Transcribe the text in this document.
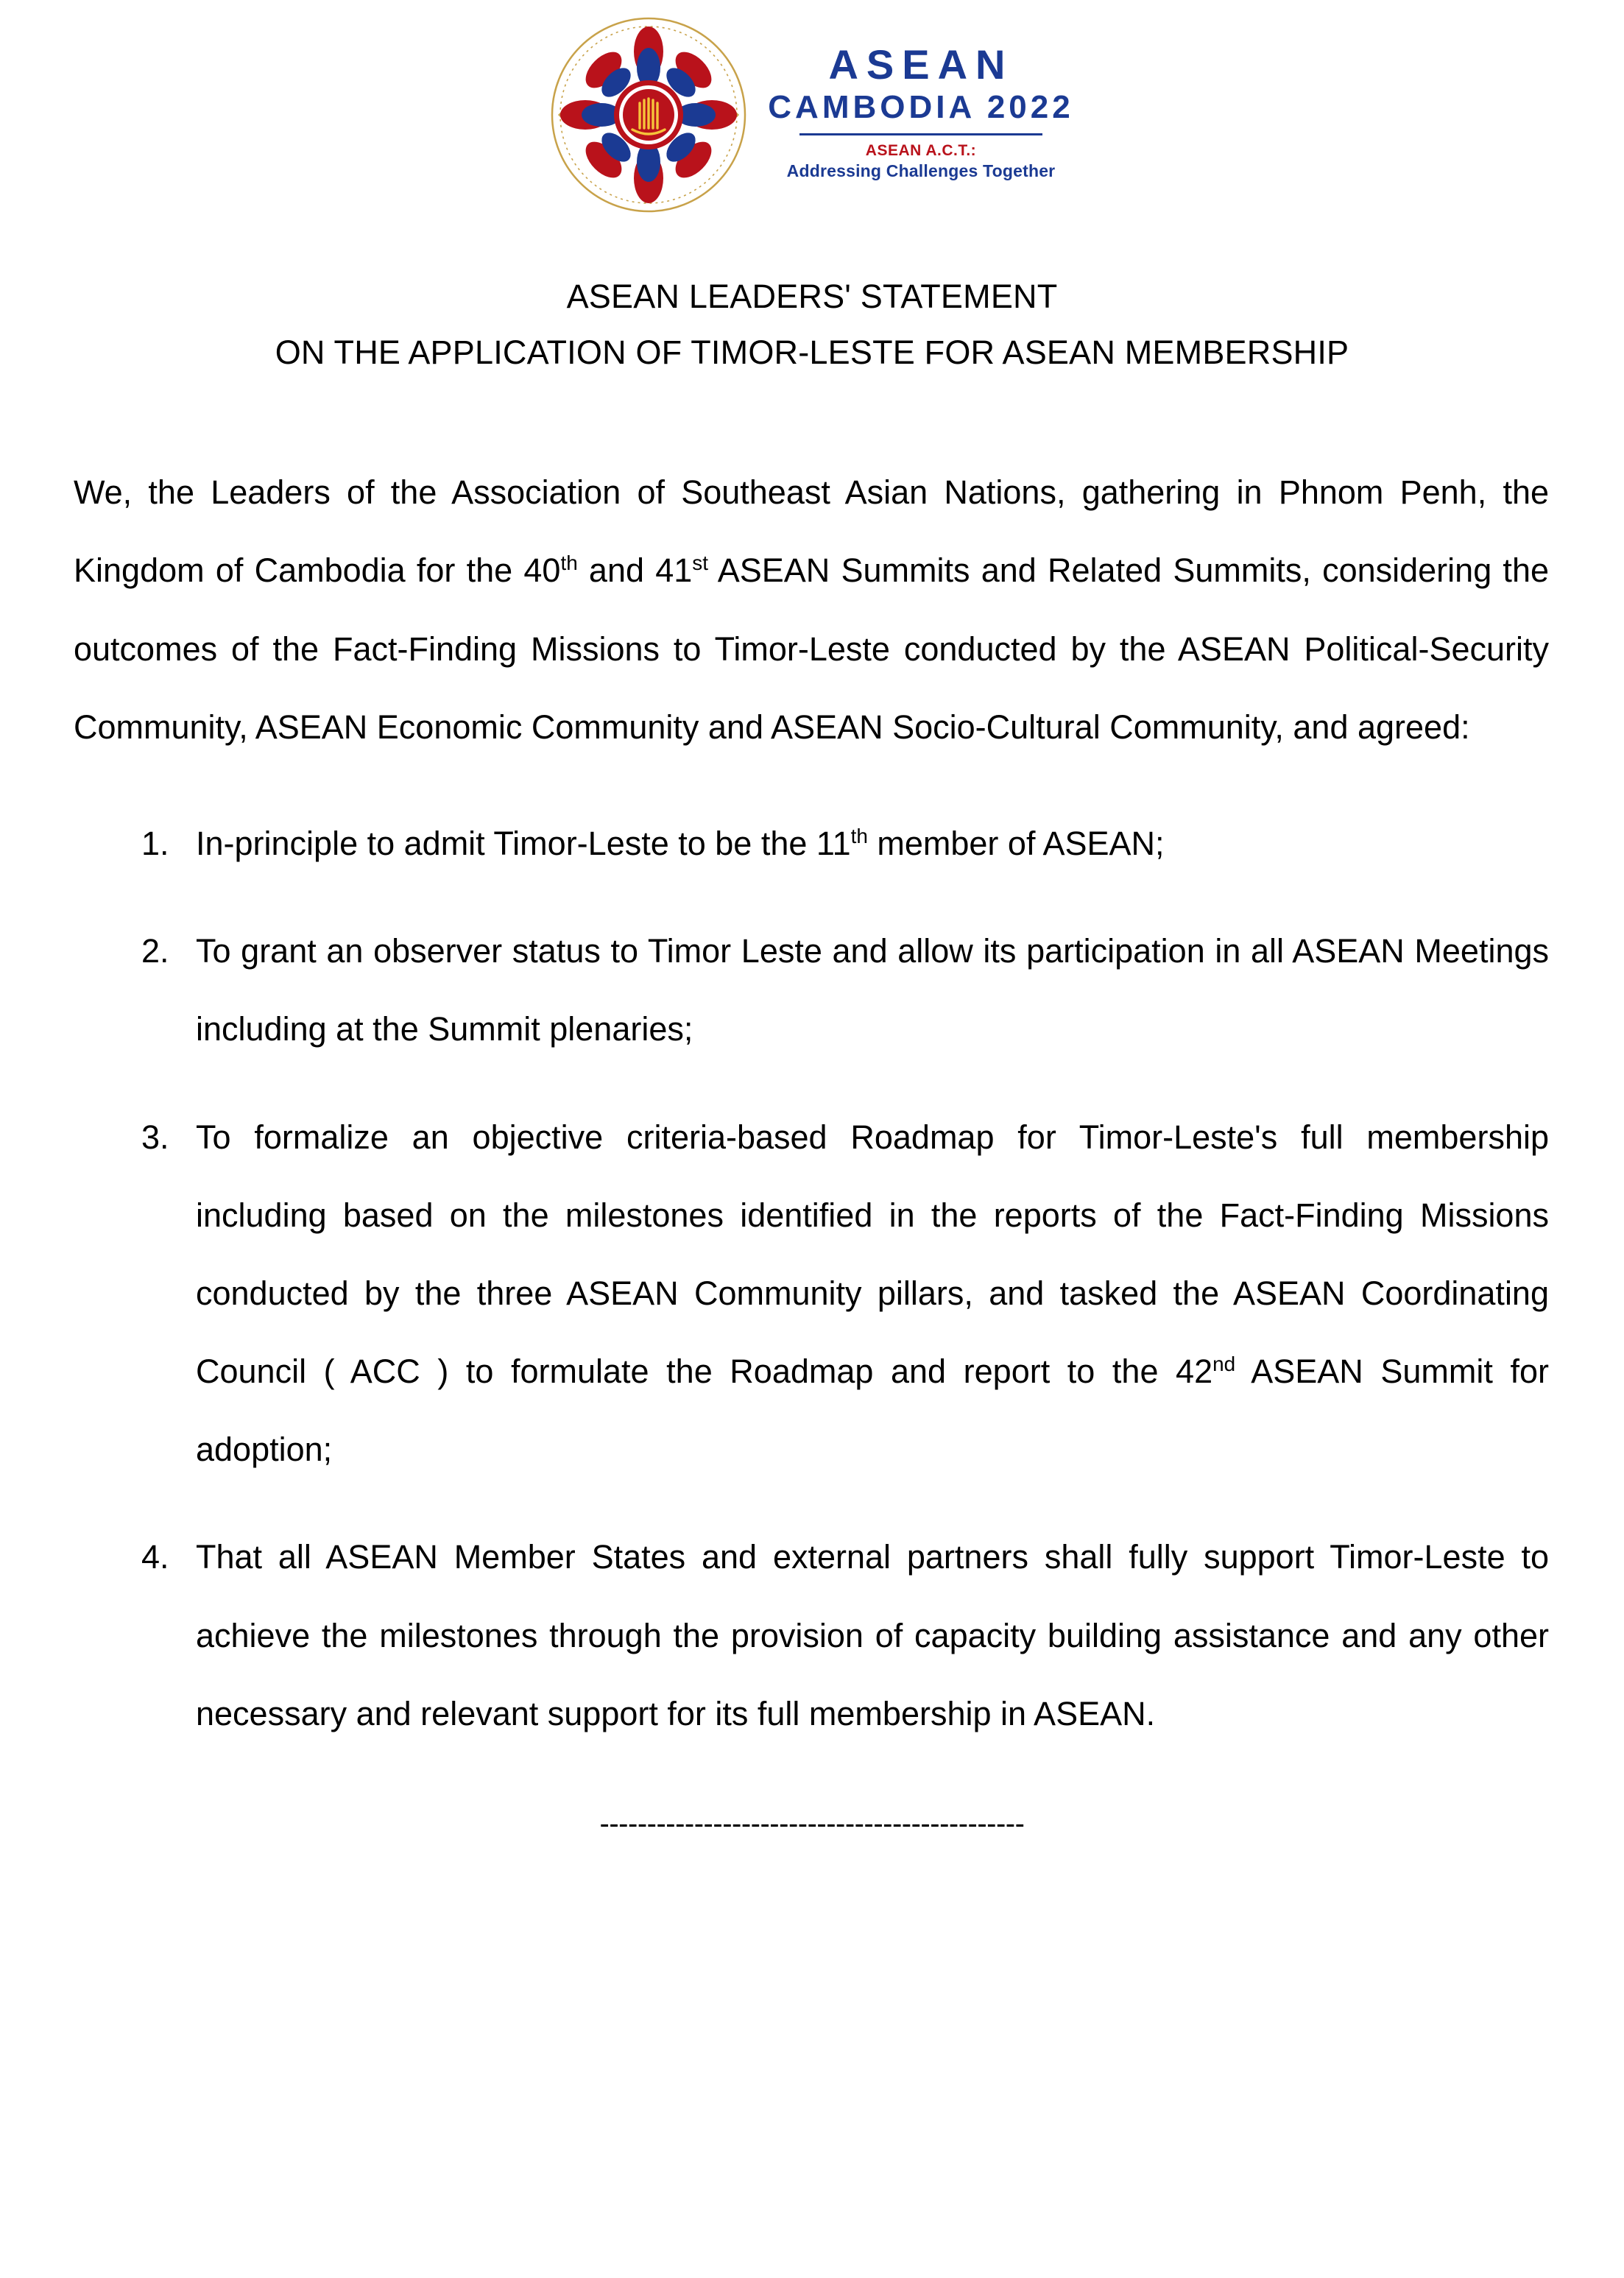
ASEAN
CAMBODIA 2022
ASEAN A.C.T.:
Addressing Challenges Together
ASEAN LEADERS' STATEMENT
ON THE APPLICATION OF TIMOR-LESTE FOR ASEAN MEMBERSHIP

We, the Leaders of the Association of Southeast Asian Nations, gathering in Phnom Penh, the Kingdom of Cambodia for the 40th and 41st ASEAN Summits and Related Summits, considering the outcomes of the Fact-Finding Missions to Timor-Leste conducted by the ASEAN Political-Security Community, ASEAN Economic Community and ASEAN Socio-Cultural Community, and agreed:

In-principle to admit Timor-Leste to be the 11th member of ASEAN;
To grant an observer status to Timor Leste and allow its participation in all ASEAN Meetings including at the Summit plenaries;
To formalize an objective criteria-based Roadmap for Timor-Leste's full membership including based on the milestones identified in the reports of the Fact-Finding Missions conducted by the three ASEAN Community pillars, and tasked the ASEAN Coordinating Council ( ACC ) to formulate the Roadmap and report to the 42nd ASEAN Summit for adoption;
That all ASEAN Member States and external partners shall fully support Timor-Leste to achieve the milestones through the provision of capacity building assistance and any other necessary and relevant support for its full membership in ASEAN.
---------------------------------------------
